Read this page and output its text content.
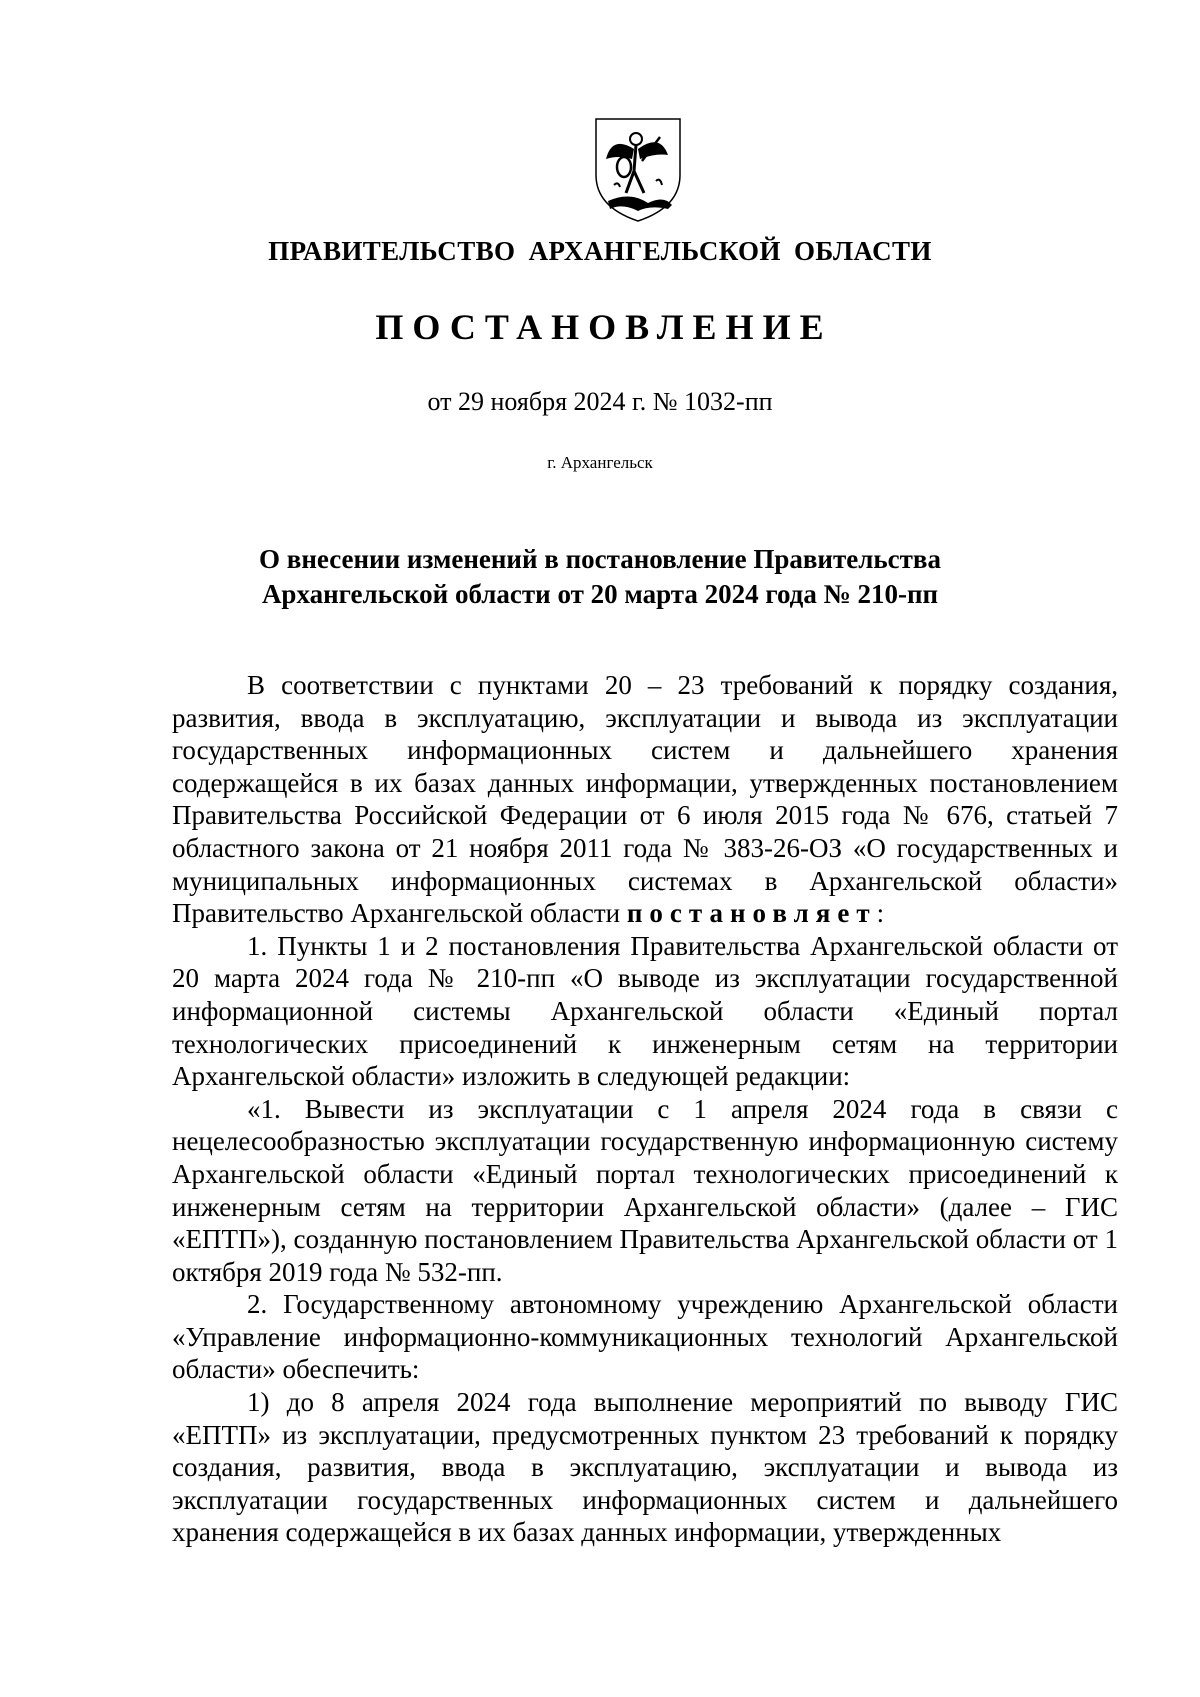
ПРАВИТЕЛЬСТВО АРХАНГЕЛЬСКОЙ ОБЛАСТИ
ПОСТАНОВЛЕНИЕ
от 29 ноября 2024 г. № 1032-пп
г. Архангельск
О внесении изменений в постановление Правительства
Архангельской области от 20 марта 2024 года № 210-пп

В соответствии с пунктами 20 – 23 требований к порядку создания, развития, ввода в эксплуатацию, эксплуатации и вывода из эксплуатации государственных информационных систем и дальнейшего хранения содержащейся в их базах данных информации, утвержденных постановлением Правительства Российской Федерации от 6 июля 2015 года № 676, статьей 7 областного закона от 21 ноября 2011 года № 383-26-ОЗ «О государственных и муниципальных информационных системах в Архангельской области» Правительство Архангельской области постановляет:

1. Пункты 1 и 2 постановления Правительства Архангельской области от 20 марта 2024 года № 210-пп «О выводе из эксплуатации государственной информационной системы Архангельской области «Единый портал технологических присоединений к инженерным сетям на территории Архангельской области» изложить в следующей редакции:

«1. Вывести из эксплуатации с 1 апреля 2024 года в связи с нецелесообразностью эксплуатации государственную информационную систему Архангельской области «Единый портал технологических присоединений к инженерным сетям на территории Архангельской области» (далее – ГИС «ЕПТП»), созданную постановлением Правительства Архангельской области от 1 октября 2019 года № 532-пп.

2. Государственному автономному учреждению Архангельской области «Управление информационно-коммуникационных технологий Архангельской области» обеспечить:

1) до 8 апреля 2024 года выполнение мероприятий по выводу ГИС «ЕПТП» из эксплуатации, предусмотренных пунктом 23 требований к порядку создания, развития, ввода в эксплуатацию, эксплуатации и вывода из эксплуатации государственных информационных систем и дальнейшего хранения содержащейся в их базах данных информации, утвержденных
